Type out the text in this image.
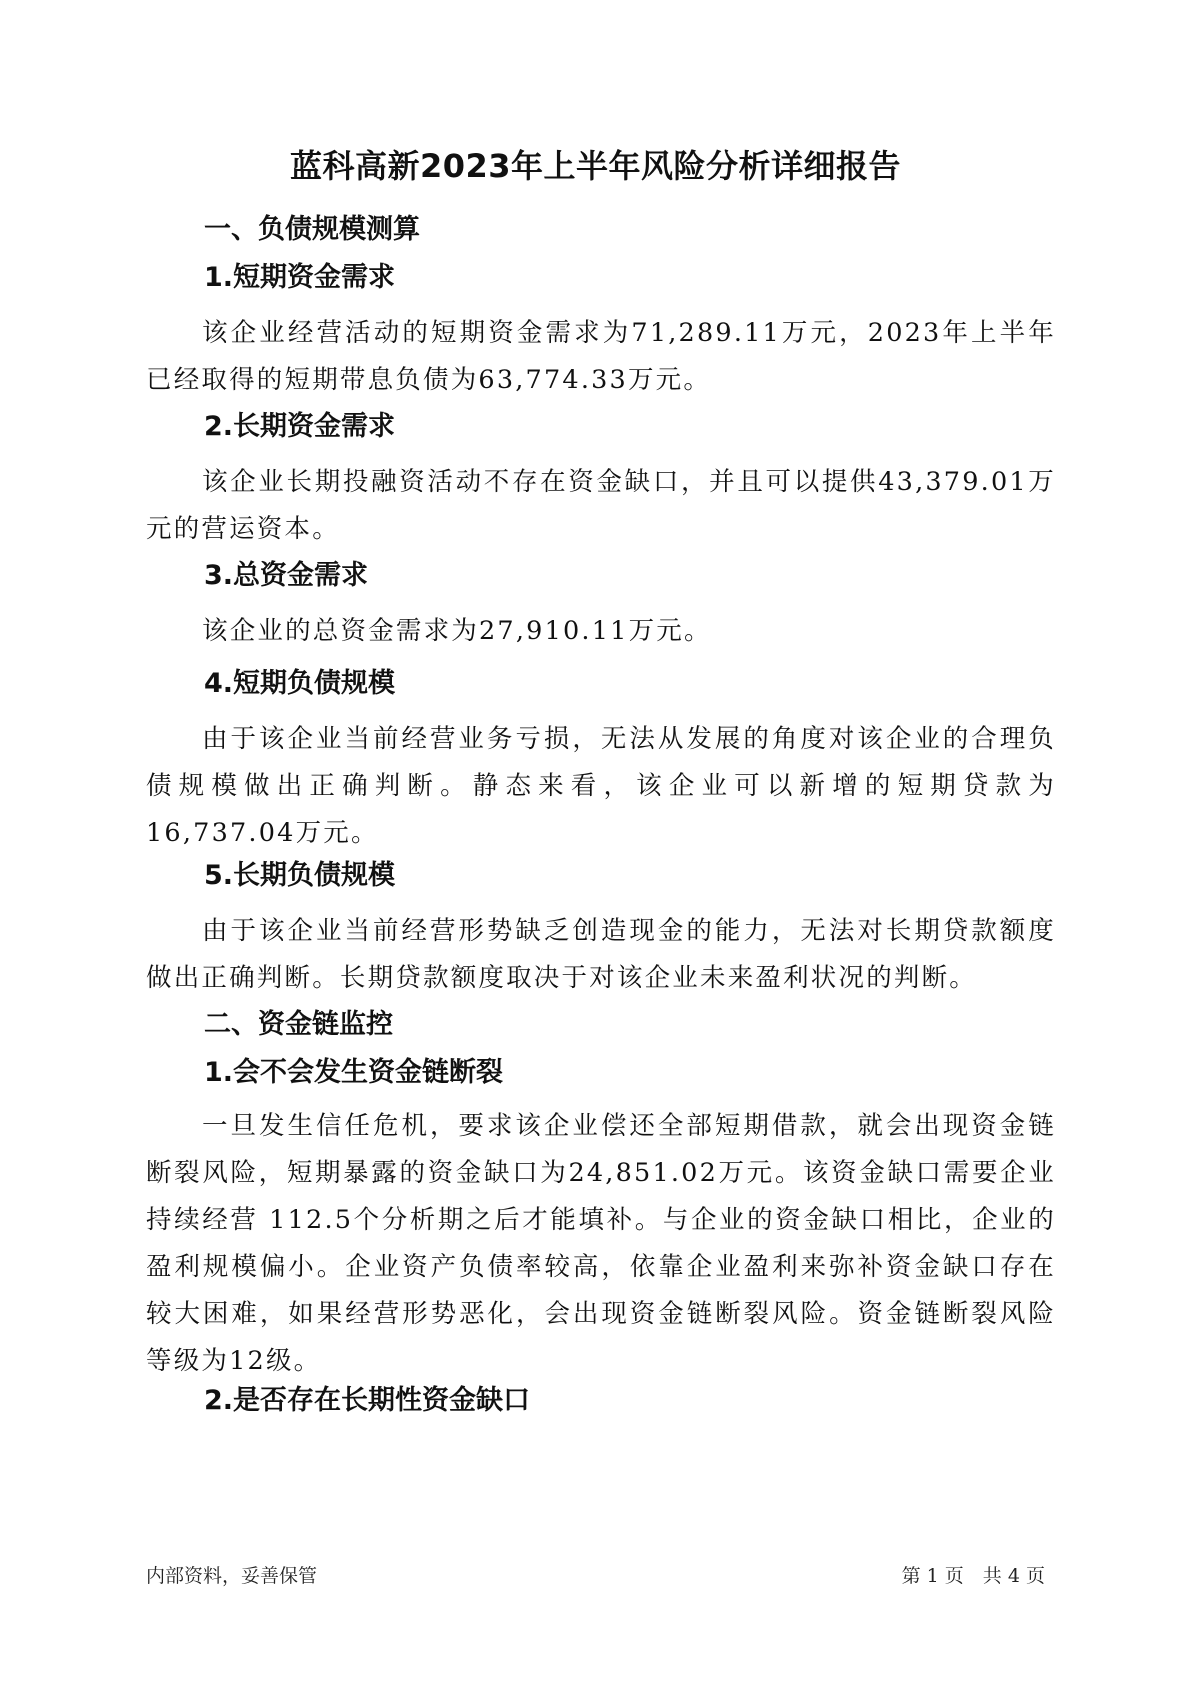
蓝科高新2023年上半年风险分析详细报告
一、负债规模测算
1.短期资金需求

该企业经营活动的短期资金需求为71,289.11万元，2023年上半年已经取得的短期带息负债为63,774.33万元。

2.长期资金需求

该企业长期投融资活动不存在资金缺口，并且可以提供43,379.01万元的营运资本。

3.总资金需求

该企业的总资金需求为27,910.11万元。

4.短期负债规模

由于该企业当前经营业务亏损，无法从发展的角度对该企业的合理负债规模做出正确判断。静态来看，该企业可以新增的短期贷款为16,737.04万元。

5.长期负债规模

由于该企业当前经营形势缺乏创造现金的能力，无法对长期贷款额度做出正确判断。长期贷款额度取决于对该企业未来盈利状况的判断。

二、资金链监控
1.会不会发生资金链断裂

一旦发生信任危机，要求该企业偿还全部短期借款，就会出现资金链断裂风险，短期暴露的资金缺口为24,851.02万元。该资金缺口需要企业持续经营 112.5个分析期之后才能填补。与企业的资金缺口相比，企业的盈利规模偏小。企业资产负债率较高，依靠企业盈利来弥补资金缺口存在较大困难，如果经营形势恶化，会出现资金链断裂风险。资金链断裂风险等级为12级。

2.是否存在长期性资金缺口
内部资料，妥善保管	第 1 页　共 4 页
